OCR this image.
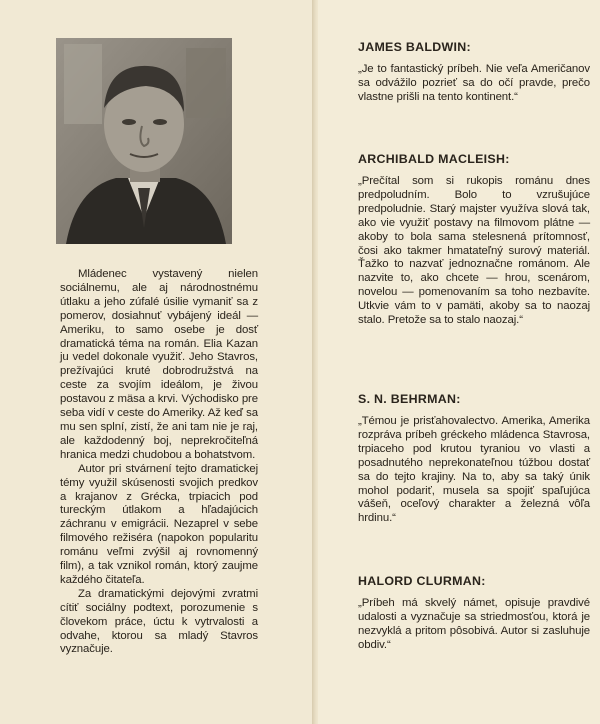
Mládenec vystavený nielen sociálnemu, ale aj národnostnému útlaku a jeho zúfalé úsilie vymaniť sa z pomerov, dosiahnuť vybájený ideál — Ameriku, to samo osebe je dosť dramatická téma na román. Elia Kazan ju vedel dokonale využiť. Jeho Stavros, prežívajúci kruté dobrodružstvá na ceste za svojím ideálom, je živou postavou z mäsa a krvi. Východisko pre seba vidí v ceste do Ameriky. Až keď sa mu sen splní, zistí, že ani tam nie je raj, ale každodenný boj, neprekročiteľná hranica medzi chudobou a bohatstvom.

Autor pri stvárnení tejto dramatickej témy využil skúsenosti svojich predkov a krajanov z Grécka, trpiacich pod tureckým útlakom a hľadajúcich záchranu v emigrácii. Nezaprel v sebe filmového režiséra (napokon popularitu románu veľmi zvýšil aj rovnomenný film), a tak vznikol román, ktorý zaujme každého čitateľa.

Za dramatickými dejovými zvratmi cítiť sociálny podtext, porozumenie s človekom práce, úctu k vytrvalosti a odvahe, ktorou sa mladý Stavros vyznačuje.

JAMES BALDWIN:

„Je to fantastický príbeh. Nie veľa Američanov sa odvážilo pozrieť sa do očí pravde, prečo vlastne prišli na tento kontinent.“

ARCHIBALD MACLEISH:

„Prečítal som si rukopis románu dnes predpoludním. Bolo to vzrušujúce predpoludnie. Starý majster využíva slová tak, ako vie využiť postavy na filmovom plátne — akoby to bola sama stelesnená prítomnosť, čosi ako takmer hmatateľný surový materiál. Ťažko to nazvať jednoznačne románom. Ale nazvite to, ako chcete — hrou, scenárom, novelou — pomenovaním sa toho nezbavíte. Utkvie vám to v pamäti, akoby sa to naozaj stalo. Pretože sa to stalo naozaj.“

S. N. BEHRMAN:

„Témou je prisťahovalectvo. Amerika, Amerika rozpráva príbeh gréckeho mládenca Stavrosa, trpiaceho pod krutou tyraniou vo vlasti a posadnutého neprekonateľnou túžbou dostať sa do tejto krajiny. Na to, aby sa taký únik mohol podariť, musela sa spojiť spaľujúca vášeň, oceľový charakter a železná vôľa hrdinu.“

HALORD CLURMAN:

„Príbeh má skvelý námet, opisuje pravdivé udalosti a vyznačuje sa striedmosťou, ktorá je nezvyklá a pritom pôsobivá. Autor si zasluhuje obdiv.“
